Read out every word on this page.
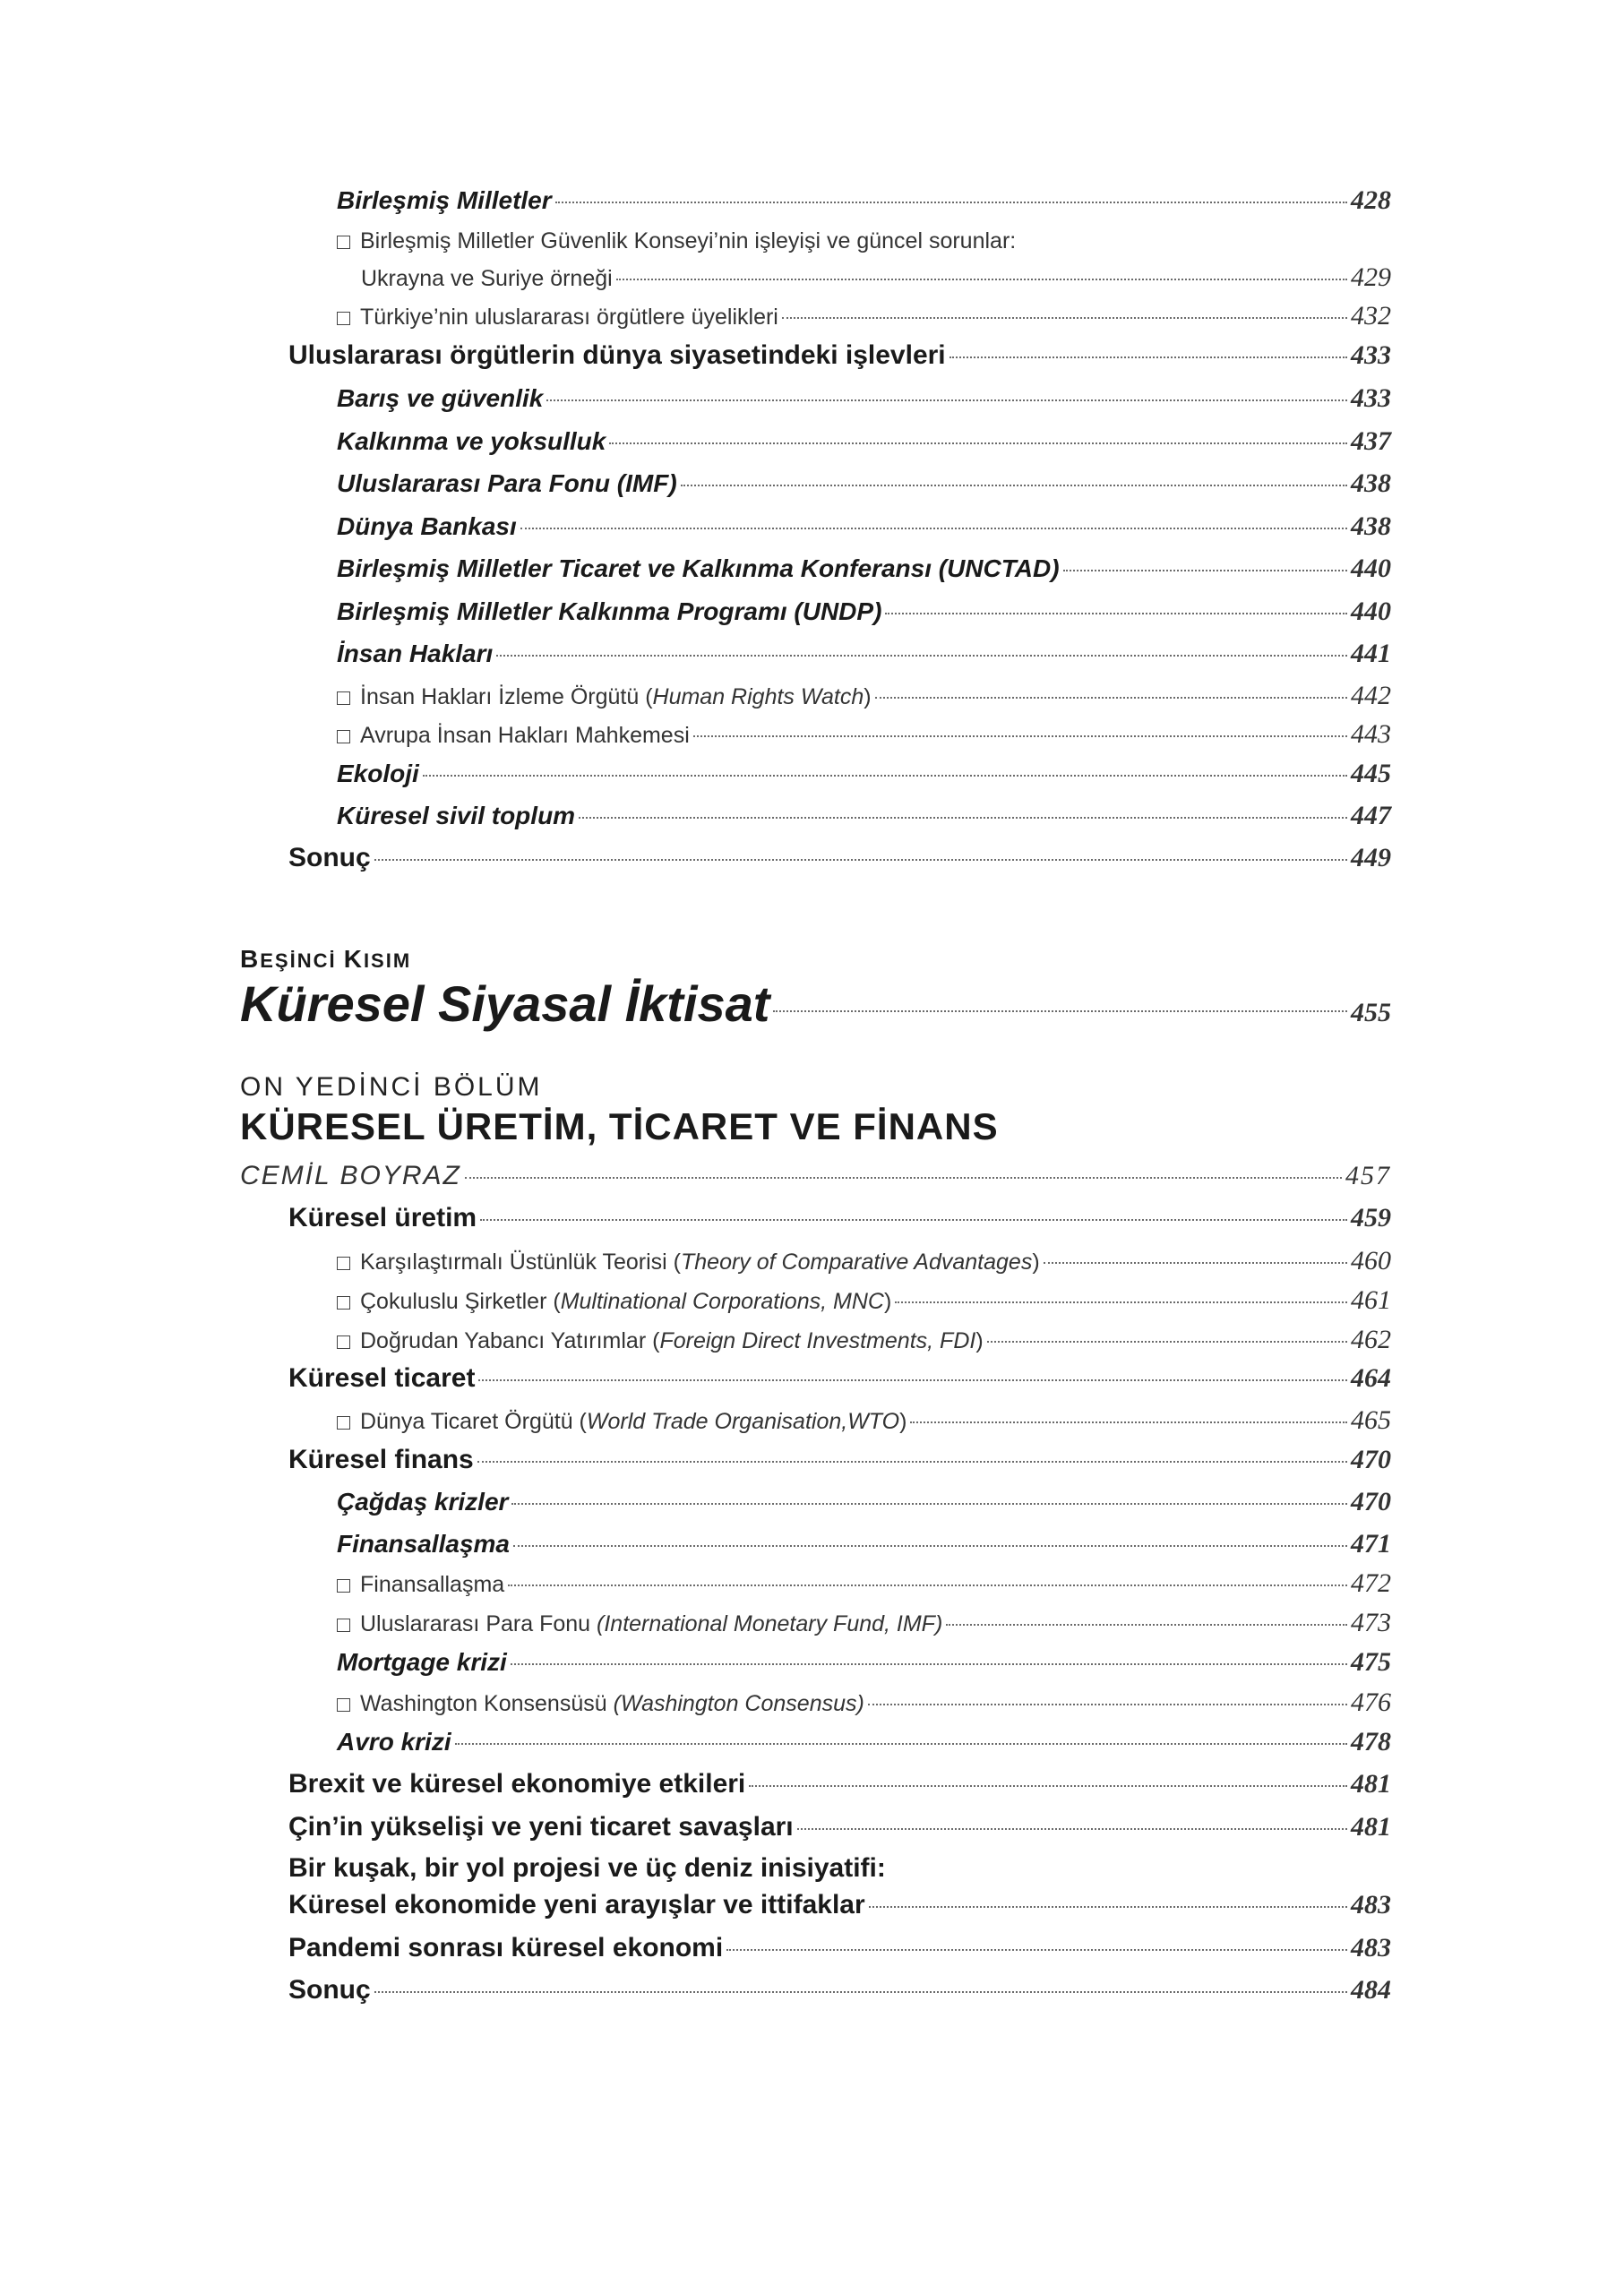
Birleşmiş Milletler	428
Birleşmiş Milletler Güvenlik Konseyi’nin işleyişi ve güncel sorunlar:
Ukrayna ve Suriye örneği	429
Türkiye’nin uluslararası örgütlere üyelikleri	432
Uluslararası örgütlerin dünya siyasetindeki işlevleri	433
Barış ve güvenlik	433
Kalkınma ve yoksulluk	437
Uluslararası Para Fonu (IMF)	438
Dünya Bankası	438
Birleşmiş Milletler Ticaret ve Kalkınma Konferansı (UNCTAD)	440
Birleşmiş Milletler Kalkınma Programı (UNDP)	440
İnsan Hakları	441
İnsan Hakları İzleme Örgütü (Human Rights Watch)	442
Avrupa İnsan Hakları Mahkemesi	443
Ekoloji	445
Küresel sivil toplum	447
Sonuç	449
BEŞİNCİ KISIM
Küresel Siyasal İktisat	455
ON YEDİNCİ BÖLÜM
KÜRESEL ÜRETİM, TİCARET VE FİNANS
CEMİL BOYRAZ	457
Küresel üretim	459
Karşılaştırmalı Üstünlük Teorisi (Theory of Comparative Advantages)	460
Çokuluslu Şirketler (Multinational Corporations, MNC)	461
Doğrudan Yabancı Yatırımlar (Foreign Direct Investments, FDI)	462
Küresel ticaret	464
Dünya Ticaret Örgütü (World Trade Organisation,WTO)	465
Küresel finans	470
Çağdaş krizler	470
Finansallaşma	471
Finansallaşma	472
Uluslararası Para Fonu (International Monetary Fund, IMF)	473
Mortgage krizi	475
Washington Konsensüsü (Washington Consensus)	476
Avro krizi	478
Brexit ve küresel ekonomiye etkileri	481
Çin’in yükselişi ve yeni ticaret savaşları	481
Bir kuşak, bir yol projesi ve üç deniz inisiyatifi:
Küresel ekonomide yeni arayışlar ve ittifaklar	483
Pandemi sonrası küresel ekonomi	483
Sonuç	484
